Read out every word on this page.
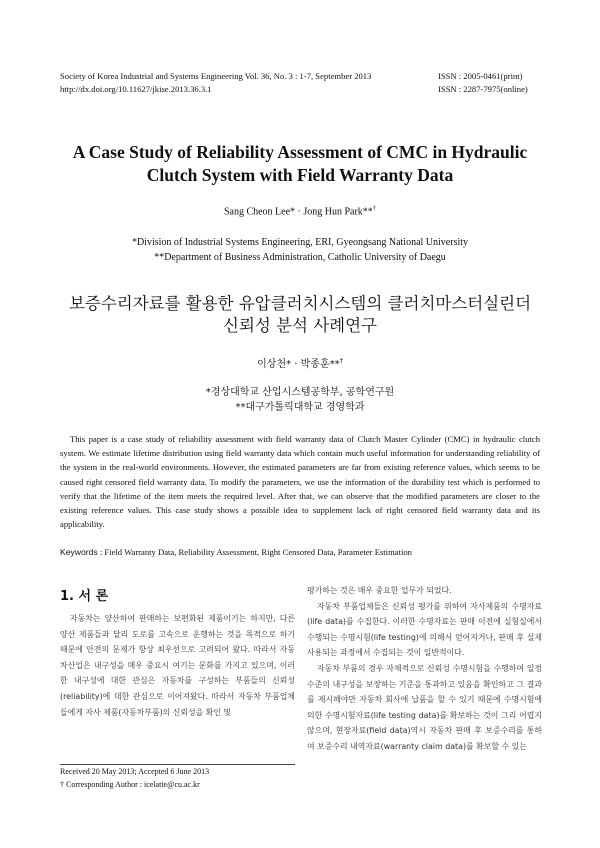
Society of Korea Industrial and Systems Engineering Vol. 36, No. 3 : 1-7, September 2013
http://dx.doi.org/10.11627/jkise.2013.36.3.1
ISSN : 2005-0461(print)
ISSN : 2287-7975(online)
A Case Study of Reliability Assessment of CMC in Hydraulic
Clutch System with Field Warranty Data
Sang Cheon Lee* · Jong Hun Park**†
*Division of Industrial Systems Engineering, ERI, Gyeongsang National University
**Department of Business Administration, Catholic University of Daegu
보증수리자료를 활용한 유압클러치시스템의 클러치마스터실린더
신뢰성 분석 사례연구
이상천* · 박종훈**†
*경상대학교 산업시스템공학부, 공학연구원
**대구가톨릭대학교 경영학과
This paper is a case study of reliability assessment with field warranty data of Clutch Master Cylinder (CMC) in hydraulic clutch system. We estimate lifetime distribution using field warranty data which contain much useful information for understanding reliability of the system in the real-world environments. However, the estimated parameters are far from existing reference values, which seems to be caused right censored field warranty data. To modify the parameters, we use the information of the durability test which is performed to verify that the lifetime of the item meets the required level. After that, we can observe that the modified parameters are closer to the existing reference values. This case study shows a possible idea to supplement lack of right censored field warranty data and its applicability.
Keywords : Field Warranty Data, Reliability Assessment, Right Censored Data, Parameter Estimation
1. 서 론

자동차는 양산하여 판매하는 보편화된 제품이기는 하지만, 다른 양산 제품들과 달리 도로를 고속으로 운행하는 것을 목적으로 하기 때문에 안전의 문제가 항상 최우선으로 고려되어 왔다. 따라서 자동차산업은 내구성을 매우 중요시 여기는 문화를 가지고 있으며, 이러한 내구성에 대한 관심은 자동차를 구성하는 부품들의 신뢰성(reliability)에 대한 관심으로 이어져왔다. 따라서 자동차 부품업체들에게 자사 제품(자동차부품)의 신뢰성을 확인 및

평가하는 것은 매우 중요한 업무가 되었다.

자동차 부품업체들은 신뢰성 평가를 위하여 자사제품의 수명자료(life data)를 수집한다. 이러한 수명자료는 판매 이전에 실험실에서 수행되는 수명시험(life testing)에 의해서 얻어지거나, 판매 후 실제 사용되는 과정에서 수집되는 것이 일반적이다.

자동차 부품의 경우 자체적으로 신뢰성 수명시험을 수행하여 일정수준의 내구성을 보장하는 기준을 통과하고 있음을 확인하고 그 결과를 제시해야만 자동차 회사에 납품을 할 수 있기 때문에 수명시험에 의한 수명시험자료(life testing data)를 확보하는 것이 그리 어렵지 않으며, 현장자료(field data)역시 자동차 판매 후 보증수리를 통하여 보증수리 내역자료(warranty claim data)를 확보할 수 있는

Received 20 May 2013; Accepted 6 June 2013
† Corresponding Author : icelatte@cu.ac.kr
